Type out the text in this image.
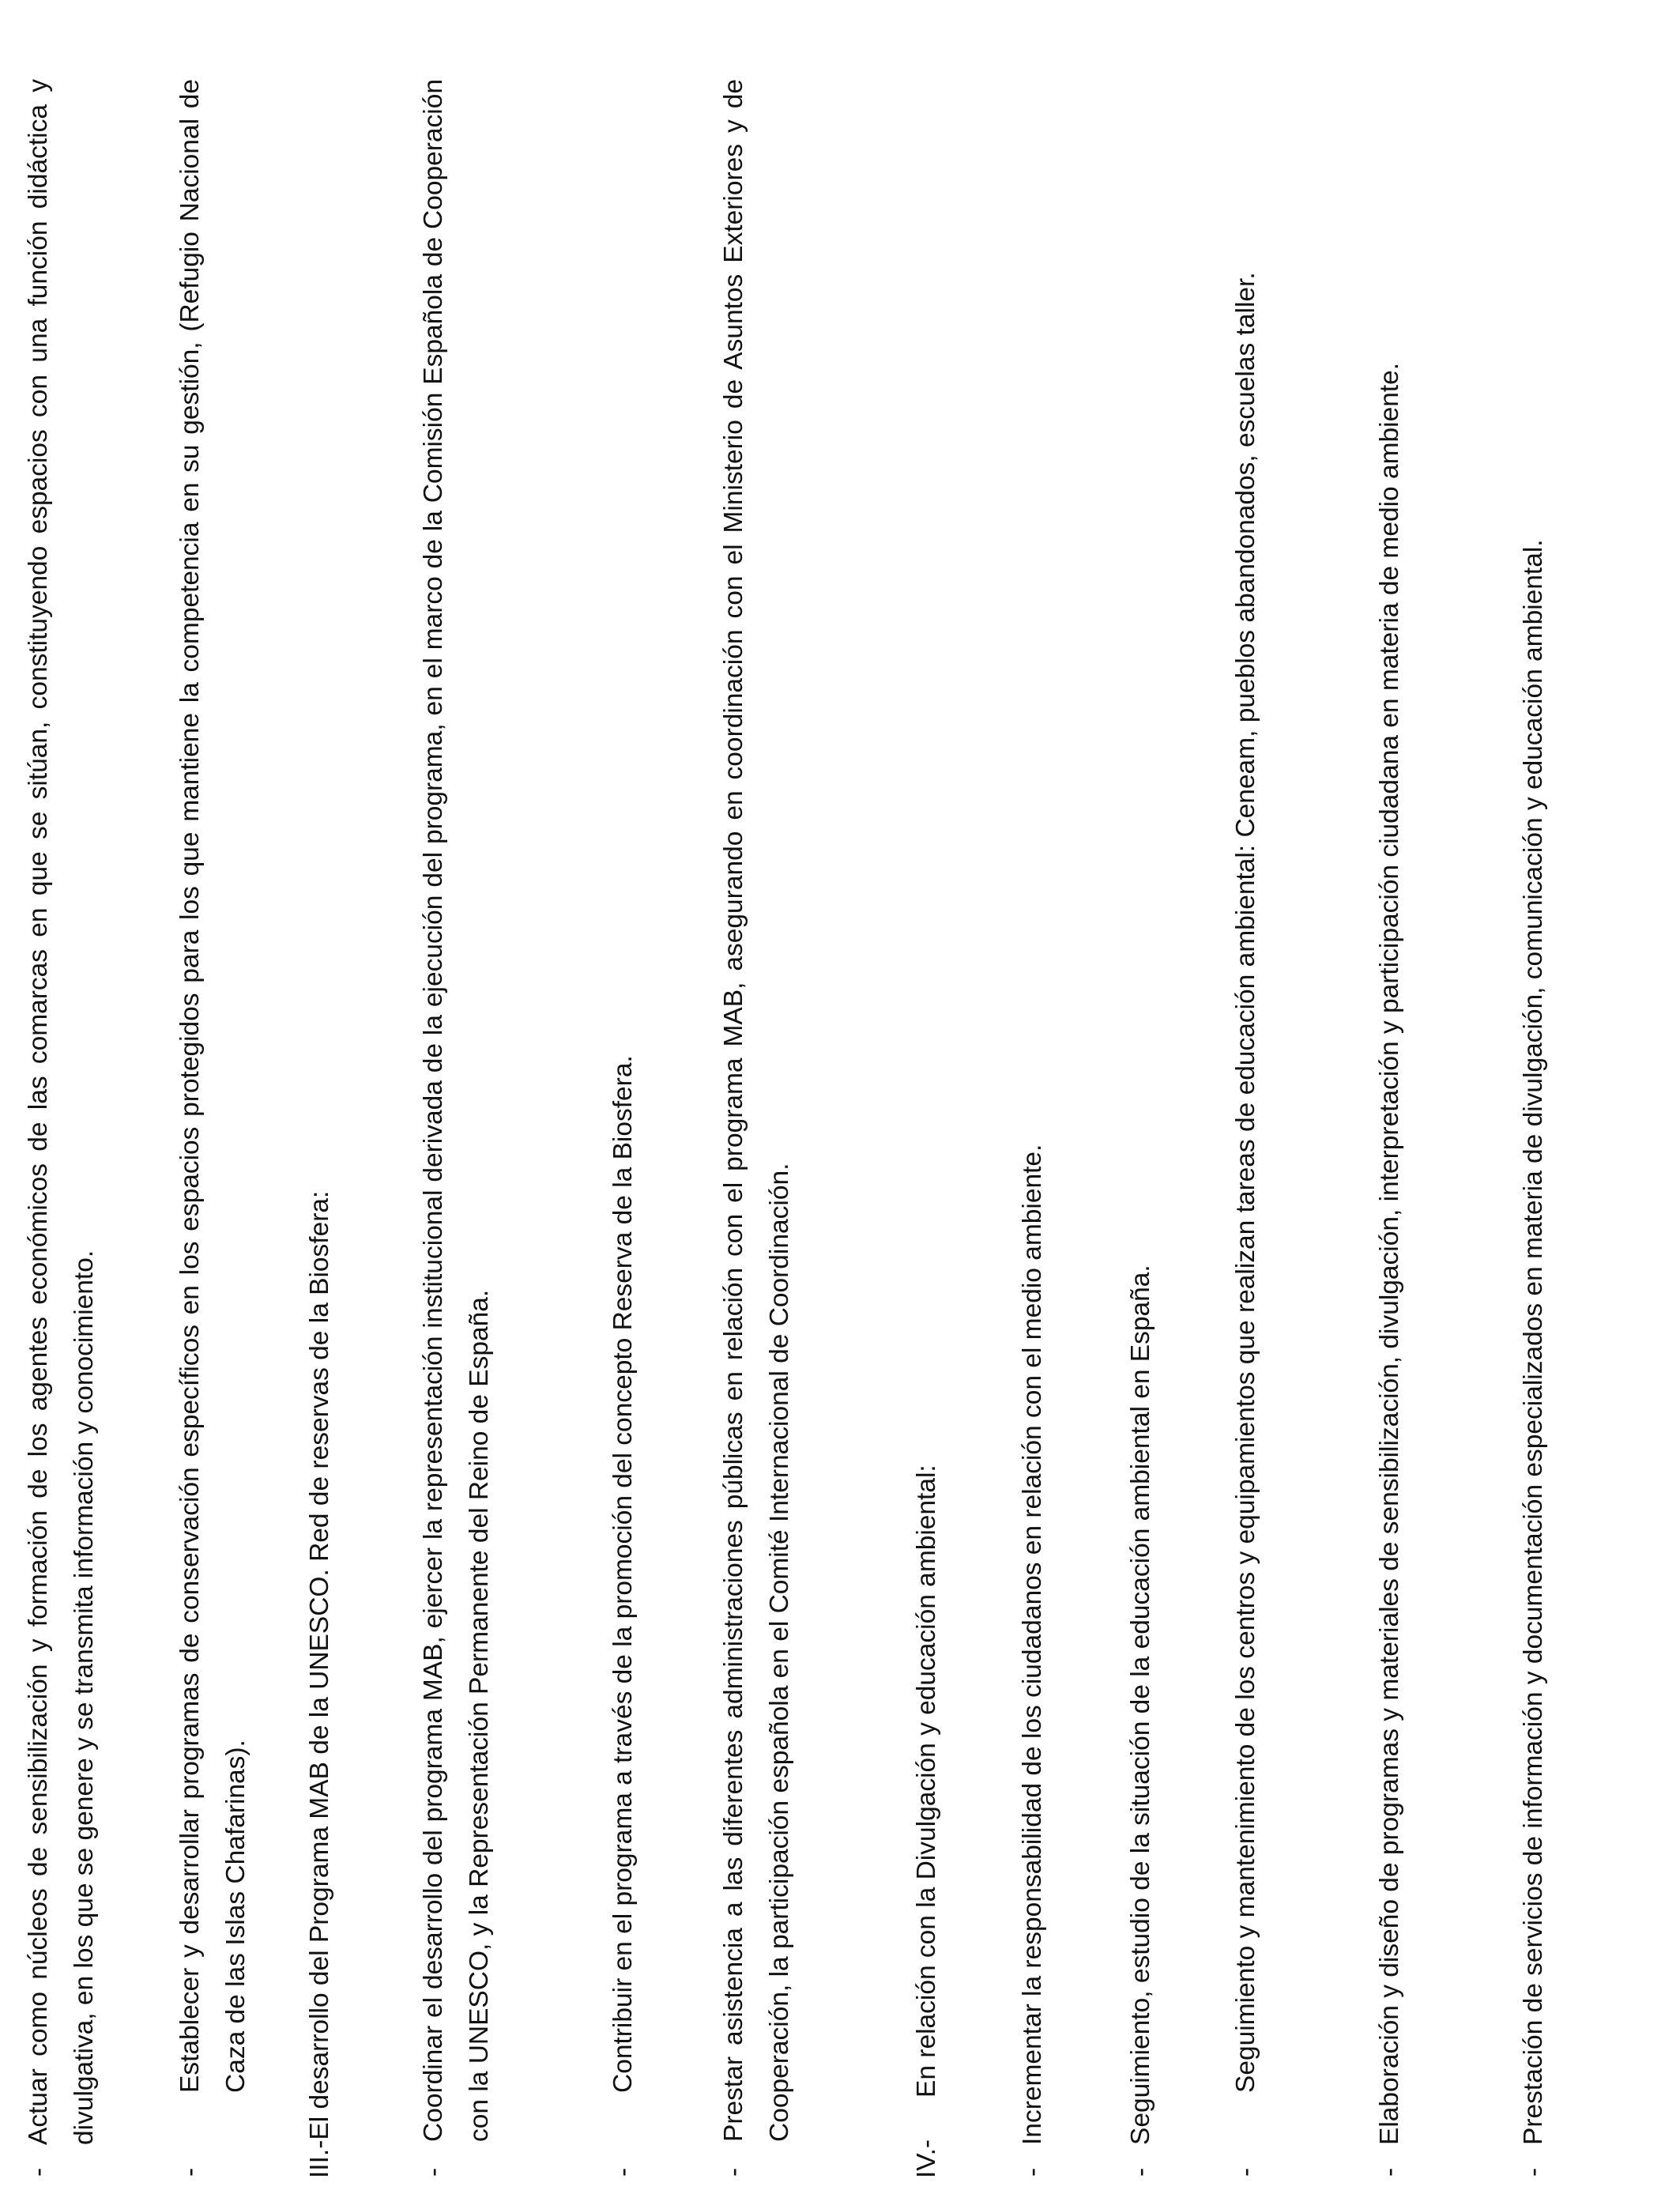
-
Actuar como núcleos de sensibilización y formación de los agentes económicos de las comarcas en que se sitúan, constituyendo espacios con una función didáctica y divulgativa, en los que se genere y se transmita información y conocimiento.
-
Establecer y desarrollar programas de conservación específicos en los espacios protegidos para los que mantiene la competencia en su gestión, (Refugio Nacional de Caza de las Islas Chafarinas).	III.-El desarrollo del Programa MAB de la UNESCO. Red de reservas de la Biosfera:	-
Coordinar el desarrollo del programa MAB, ejercer la representación institucional derivada de la ejecución del programa, en el marco de la Comisión Española de Cooperación con la UNESCO, y la Representación Permanente del Reino de España.
-
Contribuir en el programa a través de la promoción del concepto Reserva de la Biosfera.
-
Prestar asistencia a las diferentes administraciones públicas en relación con el programa MAB, asegurando en coordinación con el Ministerio de Asuntos Exteriores y de Cooperación, la participación española en el Comité Internacional de Coordinación.
IV.-
En relación con la Divulgación y educación ambiental:
-
Incrementar la responsabilidad de los ciudadanos en relación con el medio ambiente.
-
Seguimiento, estudio de la situación de la educación ambiental en España.
-
Seguimiento y mantenimiento de los centros y equipamientos que realizan tareas de educación ambiental: Ceneam, pueblos abandonados, escuelas taller.
-
Elaboración y diseño de programas y materiales de sensibilización, divulgación, interpretación y participación ciudadana en materia de medio ambiente.
-
Prestación de servicios de información y documentación especializados en materia de divulgación, comunicación y educación ambiental.
